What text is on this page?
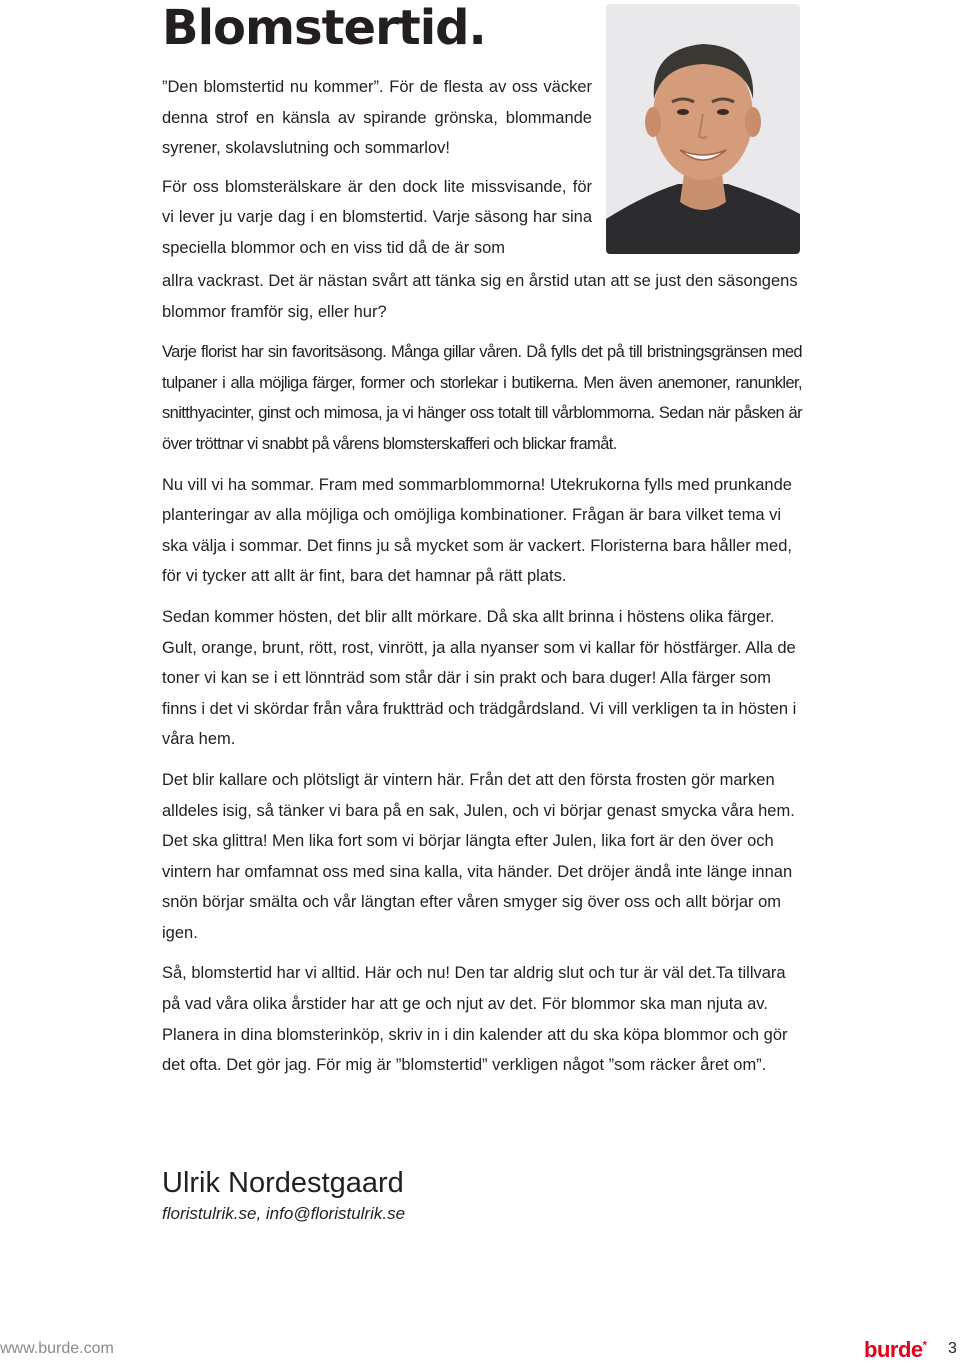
Blomstertid.

”Den blomstertid nu kommer”. För de flesta av oss väcker denna strof en känsla av spirande grönska, blommande syrener, skolavslutning och sommarlov!

För oss blomsterälskare är den dock lite missvisande, för vi lever ju varje dag i en blomstertid. Varje säsong har sina speciella blommor och en viss tid då de är som

allra vackrast. Det är nästan svårt att tänka sig en årstid utan att se just den säsongens blommor framför sig, eller hur?

Varje florist har sin favoritsäsong. Många gillar våren. Då fylls det på till bristningsgränsen med tulpaner i alla möjliga färger, former och storlekar i butikerna. Men även anemoner, ranunkler, snitthyacinter, ginst och mimosa, ja vi hänger oss totalt till vårblommorna. Sedan när påsken är över tröttnar vi snabbt på vårens blomsterskafferi och blickar framåt.

Nu vill vi ha sommar. Fram med sommarblommorna! Utekrukorna fylls med prunkande planteringar av alla möjliga och omöjliga kombinationer. Frågan är bara vilket tema vi ska välja i sommar. Det finns ju så mycket som är vackert. Floristerna bara håller med, för vi tycker att allt är fint, bara det hamnar på rätt plats.

Sedan kommer hösten, det blir allt mörkare. Då ska allt brinna i höstens olika färger. Gult, orange, brunt, rött, rost, vinrött, ja alla nyanser som vi kallar för höstfärger. Alla de toner vi kan se i ett lönnträd som står där i sin prakt och bara duger! Alla färger som finns i det vi skördar från våra fruktträd och trädgårdsland. Vi vill verkligen ta in hösten i våra hem.

Det blir kallare och plötsligt är vintern här. Från det att den första frosten gör marken alldeles isig, så tänker vi bara på en sak, Julen, och vi börjar genast smycka våra hem. Det ska glittra! Men lika fort som vi börjar längta efter Julen, lika fort är den över och vintern har omfamnat oss med sina kalla, vita händer. Det dröjer ändå inte länge innan snön börjar smälta och vår längtan efter våren smyger sig över oss och allt börjar om igen.

Så, blomstertid har vi alltid. Här och nu! Den tar aldrig slut och tur är väl det.Ta tillvara på vad våra olika årstider har att ge och njut av det. För blommor ska man njuta av. Planera in dina blomsterinköp, skriv in i din kalender att du ska köpa blommor och gör det ofta. Det gör jag. För mig är ”blomstertid” verkligen något ”som räcker året om”.

Ulrik Nordestgaard

floristulrik.se, info@floristulrik.se

www.burde.com	burde* 3
